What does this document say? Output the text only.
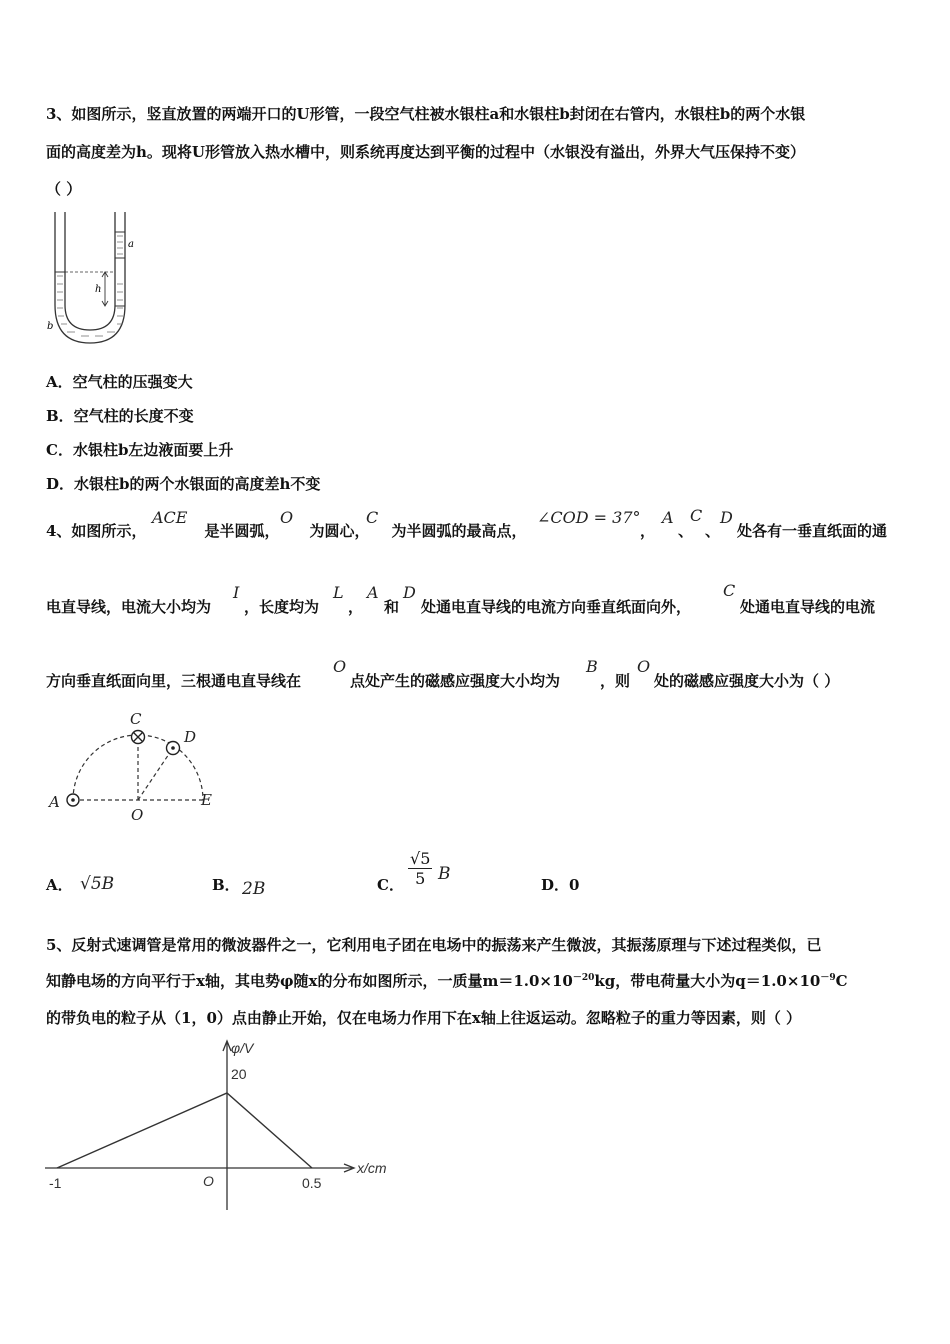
3、如图所示，竖直放置的两端开口的U形管，一段空气柱被水银柱a和水银柱b封闭在右管内，水银柱b的两个水银
面的高度差为h。现将U形管放入热水槽中，则系统再度达到平衡的过程中（水银没有溢出，外界大气压保持不变）
（ ）
h
a
b
A．空气柱的压强变大
B．空气柱的长度不变
C．水银柱b左边液面要上升
D．水银柱b的两个水银面的高度差h不变
4、如图所示，	是半圆弧， 为圆心， 为半圆弧的最高点，
ACE	O	C	∠COD = 37°
，
A
、
C
、
D
处各有一垂直纸面的通
电直导线，电流大小均为
I
，长度均为
L
，
A
和
D
处通电直导线的电流方向垂直纸面向外，
C
处通电直导线的电流
方向垂直纸面向里，三根通电直导线在
O
点处产生的磁感应强度大小均为
B
，则
O
处的磁感应强度大小为（ ）
A
C
D
O
E
A． √5B	B． 2B	C． $\frac{√5}{5}$ B
D．0
5、反射式速调管是常用的微波器件之一，它利用电子团在电场中的振荡来产生微波，其振荡原理与下述过程类似，已
知静电场的方向平行于x轴，其电势φ随x的分布如图所示，一质量$m=1.0\times 10^{-20}kg$，带电荷量大小为$q=1.0\times 10^{-9}C$
的带负电的粒子从（1，0）点由静止开始，仅在电场力作用下在x轴上往返运动。忽略粒子的重力等因素，则（ ）
φ/V
x/cm
20
-1	O	0.5
